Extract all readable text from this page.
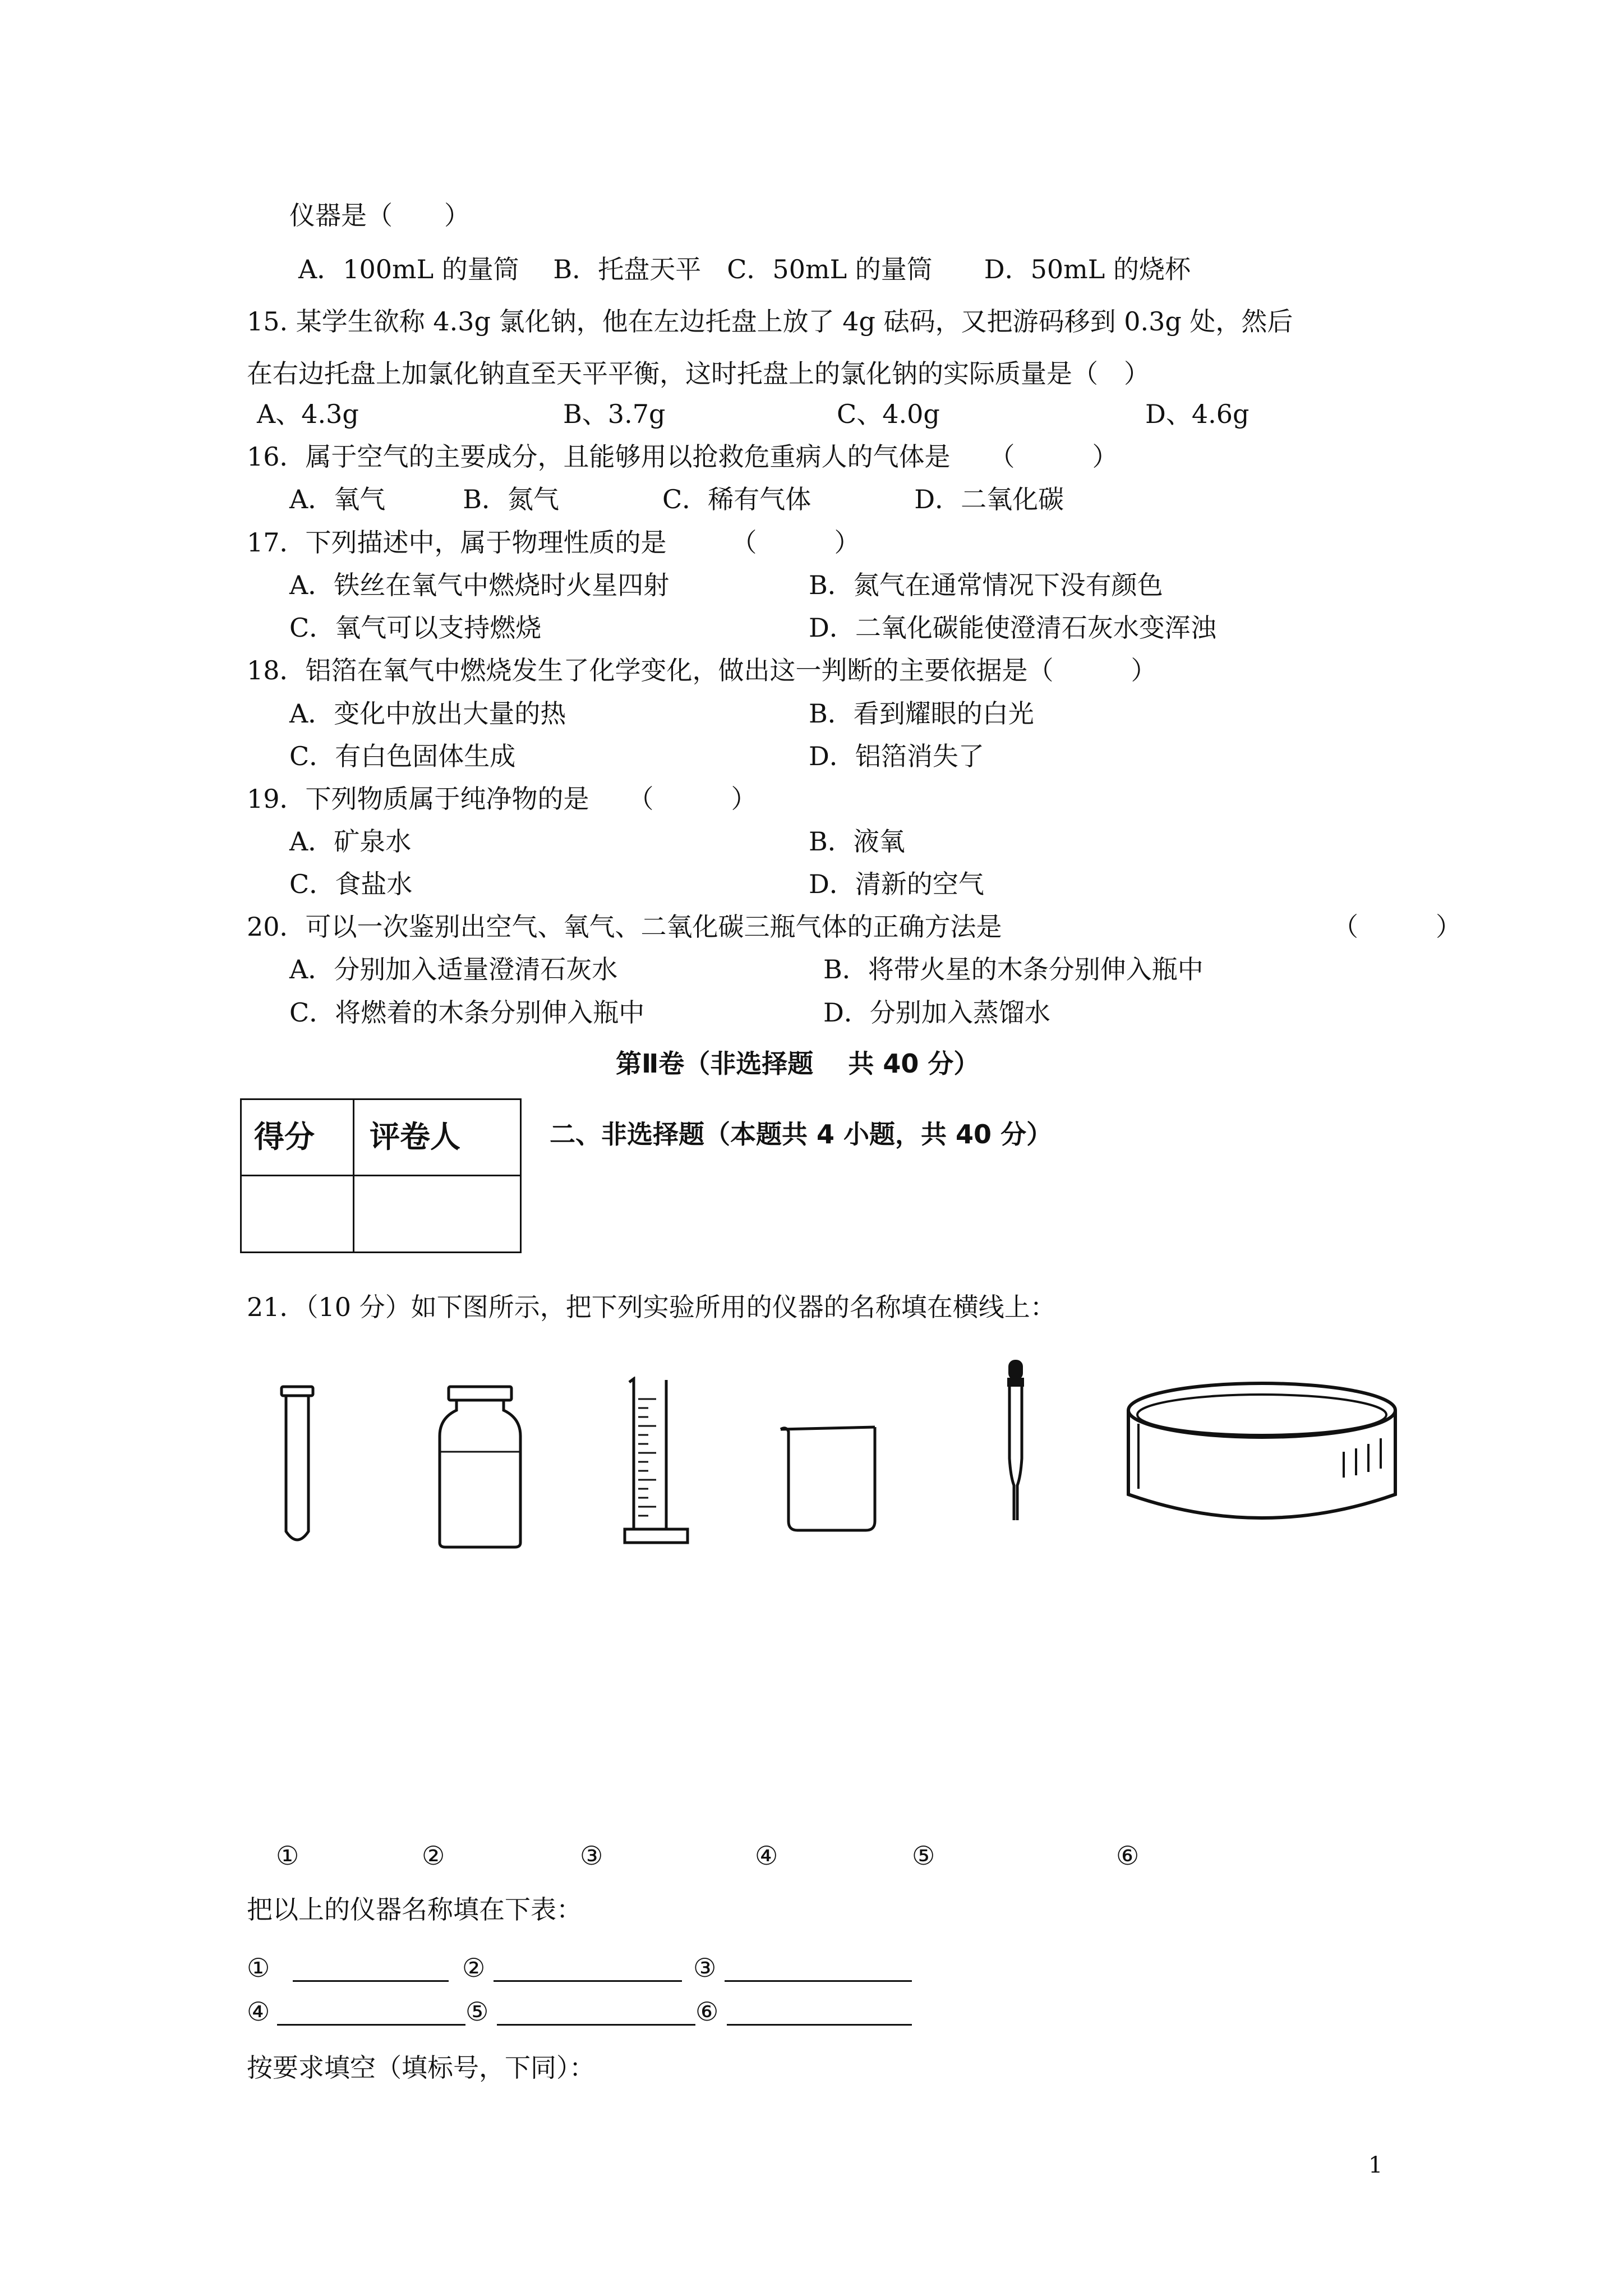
仪器是（　　）
A．100mL 的量筒　 B．托盘天平　C．50mL 的量筒　　D．50mL 的烧杯
15. 某学生欲称 4.3g 氯化钠，他在左边托盘上放了 4g 砝码，又把游码移到 0.3g 处，然后
在右边托盘上加氯化钠直至天平平衡，这时托盘上的氯化钠的实际质量是（　）
A、4.3g	B、3.7g	C、4.0g	D、4.6g
16．属于空气的主要成分，且能够用以抢救危重病人的气体是　　（　　　）
A．氧气　　　B．氮气　　　　C．稀有气体　　　　D．二氧化碳
17．下列描述中，属于物理性质的是　　　（　　　）
A．铁丝在氧气中燃烧时火星四射	B．氮气在通常情况下没有颜色
C．氧气可以支持燃烧	D．二氧化碳能使澄清石灰水变浑浊
18．铝箔在氧气中燃烧发生了化学变化，做出这一判断的主要依据是（　　　）
A．变化中放出大量的热	B．看到耀眼的白光
C．有白色固体生成	D．铝箔消失了
19．下列物质属于纯净物的是　　（　　　）
A．矿泉水	B．液氧
C．食盐水	D．清新的空气
20．可以一次鉴别出空气、氧气、二氧化碳三瓶气体的正确方法是	（　　　）
A．分别加入适量澄清石灰水	B．将带火星的木条分别伸入瓶中
C．将燃着的木条分别伸入瓶中	D．分别加入蒸馏水
第Ⅱ卷（非选择题　 共 40 分）
得分 评卷人	二、非选择题（本题共 4 小题，共 40 分）
21．（10 分）如下图所示，把下列实验所用的仪器的名称填在横线上：
①	②	③	④	⑤	⑥
把以上的仪器名称填在下表：
①	②	③
④	⑤	⑥
按要求填空（填标号，下同）：
1
